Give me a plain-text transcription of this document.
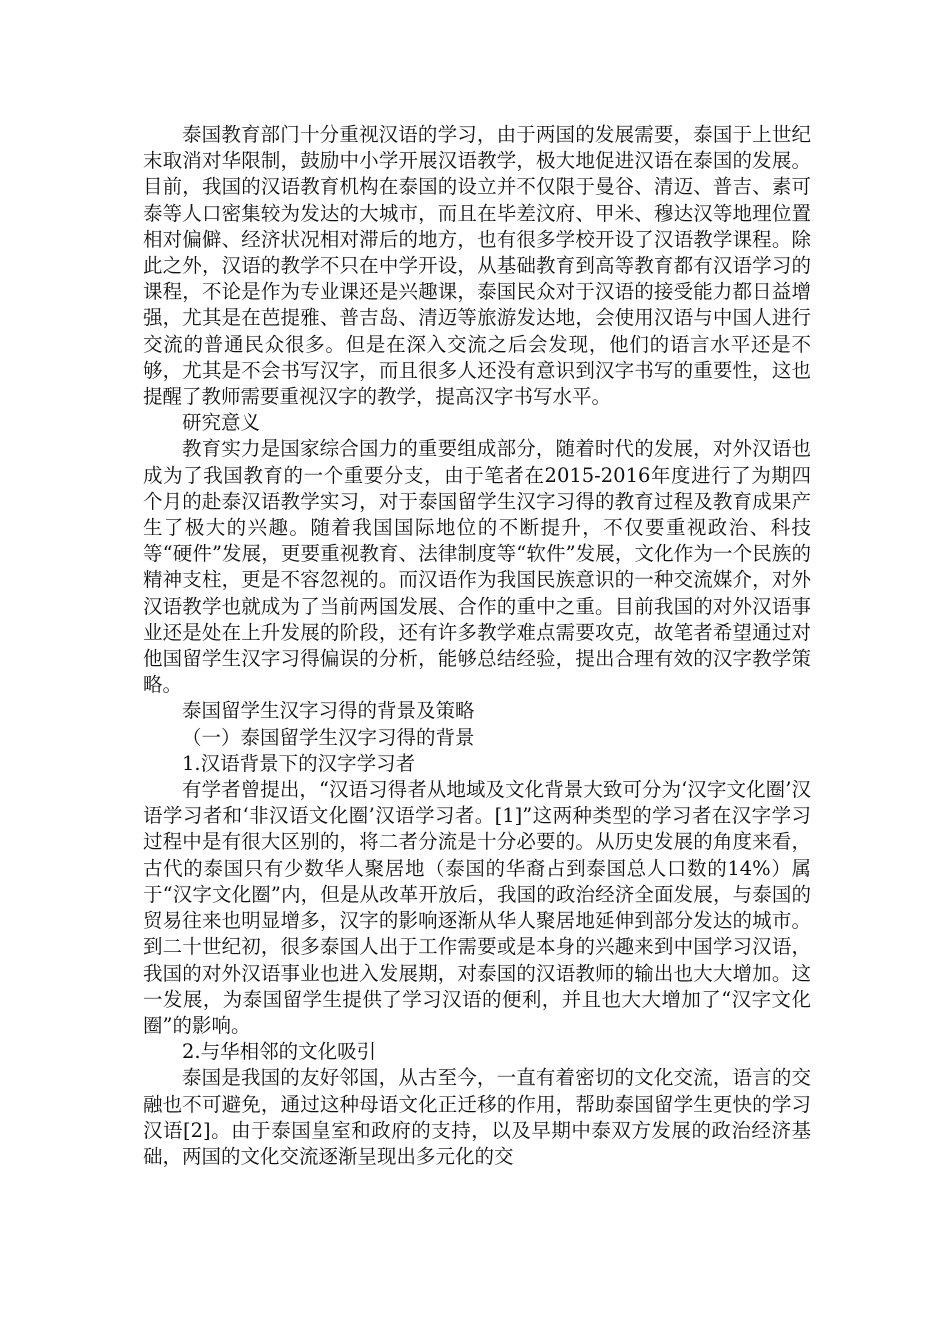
泰国教育部门十分重视汉语的学习，由于两国的发展需要，泰国于上世纪末取消对华限制，鼓励中小学开展汉语教学，极大地促进汉语在泰国的发展。目前，我国的汉语教育机构在泰国的设立并不仅限于曼谷、清迈、普吉、素可泰等人口密集较为发达的大城市，而且在毕差汶府、甲米、穆达汉等地理位置相对偏僻、经济状况相对滞后的地方，也有很多学校开设了汉语教学课程。除此之外，汉语的教学不只在中学开设，从基础教育到高等教育都有汉语学习的课程，不论是作为专业课还是兴趣课，泰国民众对于汉语的接受能力都日益增强，尤其是在芭提雅、普吉岛、清迈等旅游发达地，会使用汉语与中国人进行交流的普通民众很多。但是在深入交流之后会发现，他们的语言水平还是不够，尤其是不会书写汉字，而且很多人还没有意识到汉字书写的重要性，这也提醒了教师需要重视汉字的教学，提高汉字书写水平。

研究意义

教育实力是国家综合国力的重要组成部分，随着时代的发展，对外汉语也成为了我国教育的一个重要分支，由于笔者在2015-2016年度进行了为期四个月的赴泰汉语教学实习，对于泰国留学生汉字习得的教育过程及教育成果产生了极大的兴趣。随着我国国际地位的不断提升，不仅要重视政治、科技等“硬件”发展，更要重视教育、法律制度等“软件”发展，文化作为一个民族的精神支柱，更是不容忽视的。而汉语作为我国民族意识的一种交流媒介，对外汉语教学也就成为了当前两国发展、合作的重中之重。目前我国的对外汉语事业还是处在上升发展的阶段，还有许多教学难点需要攻克，故笔者希望通过对他国留学生汉字习得偏误的分析，能够总结经验，提出合理有效的汉字教学策略。

泰国留学生汉字习得的背景及策略

（一）泰国留学生汉字习得的背景

1.汉语背景下的汉字学习者

有学者曾提出，“汉语习得者从地域及文化背景大致可分为‘汉字文化圈’汉语学习者和‘非汉语文化圈’汉语学习者。[1]”这两种类型的学习者在汉字学习过程中是有很大区别的，将二者分流是十分必要的。从历史发展的角度来看，古代的泰国只有少数华人聚居地（泰国的华裔占到泰国总人口数的14%）属于“汉字文化圈”内，但是从改革开放后，我国的政治经济全面发展，与泰国的贸易往来也明显增多，汉字的影响逐渐从华人聚居地延伸到部分发达的城市。到二十世纪初，很多泰国人出于工作需要或是本身的兴趣来到中国学习汉语，我国的对外汉语事业也进入发展期，对泰国的汉语教师的输出也大大增加。这一发展，为泰国留学生提供了学习汉语的便利，并且也大大增加了“汉字文化圈”的影响。

2.与华相邻的文化吸引

泰国是我国的友好邻国，从古至今，一直有着密切的文化交流，语言的交融也不可避免，通过这种母语文化正迁移的作用，帮助泰国留学生更快的学习汉语[2]。由于泰国皇室和政府的支持，以及早期中泰双方发展的政治经济基础，两国的文化交流逐渐呈现出多元化的交
